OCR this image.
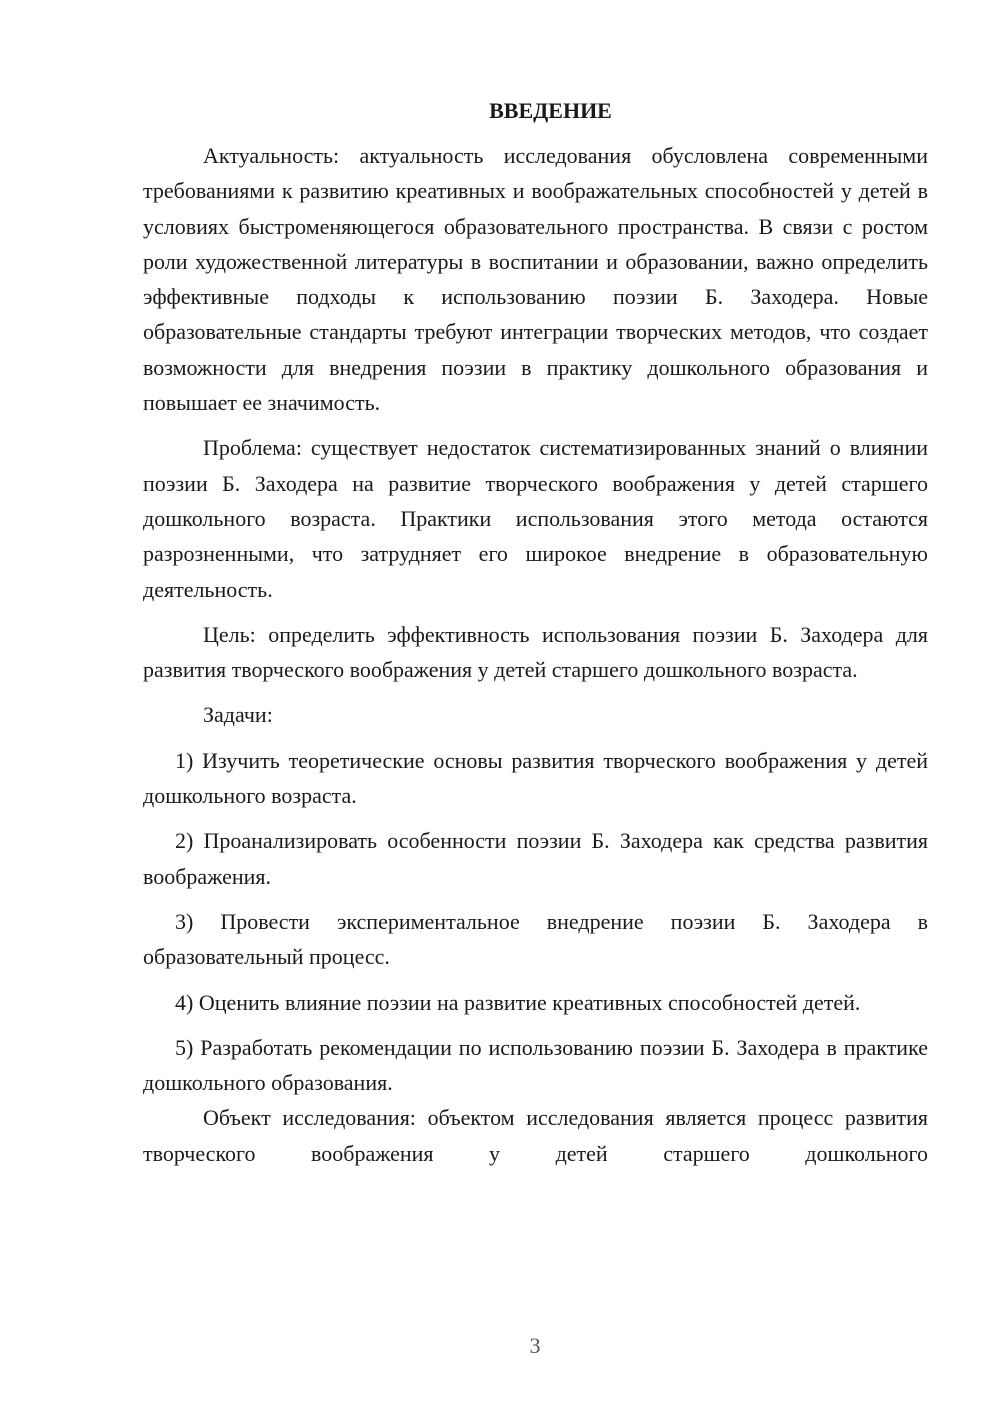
ВВЕДЕНИЕ

Актуальность: актуальность исследования обусловлена современными требованиями к развитию креативных и воображательных способностей у детей в условиях быстроменяющегося образовательного пространства. В связи с ростом роли художественной литературы в воспитании и образовании, важно определить эффективные подходы к использованию поэзии Б. Заходера. Новые образовательные стандарты требуют интеграции творческих методов, что создает возможности для внедрения поэзии в практику дошкольного образования и повышает ее значимость.

Проблема: существует недостаток систематизированных знаний о влиянии поэзии Б. Заходера на развитие творческого воображения у детей старшего дошкольного возраста. Практики использования этого метода остаются разрозненными, что затрудняет его широкое внедрение в образовательную деятельность.

Цель: определить эффективность использования поэзии Б. Заходера для развития творческого воображения у детей старшего дошкольного возраста.

Задачи:

1) Изучить теоретические основы развития творческого воображения у детей дошкольного возраста.

2) Проанализировать особенности поэзии Б. Заходера как средства развития воображения.

3) Провести экспериментальное внедрение поэзии Б. Заходера в образовательный процесс.

4) Оценить влияние поэзии на развитие креативных способностей детей.

5) Разработать рекомендации по использованию поэзии Б. Заходера в практике дошкольного образования.

Объект исследования: объектом исследования является процесс развития творческого воображения у детей старшего дошкольного

3
